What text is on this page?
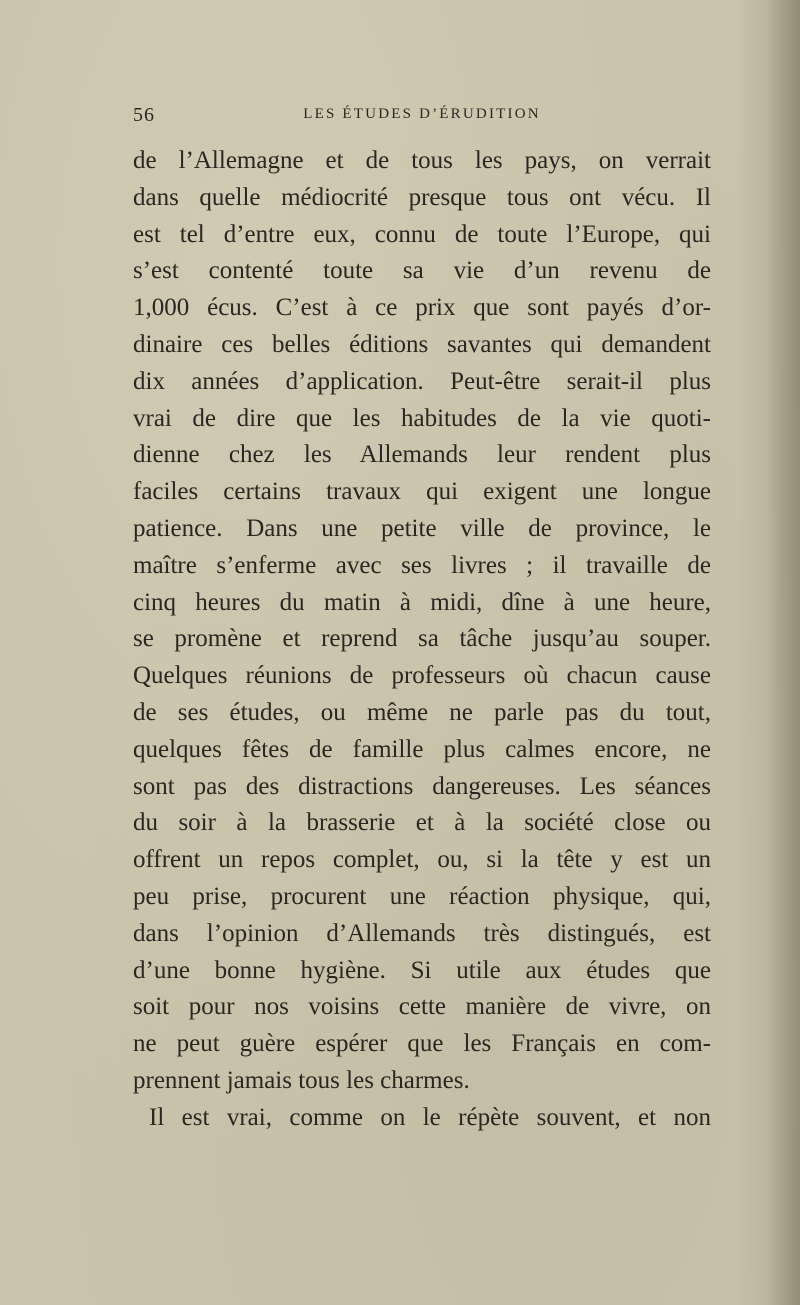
56	LES ÉTUDES D’ÉRUDITION
de l’Allemagne et de tous les pays, on verrait
dans quelle médiocrité presque tous ont vécu. Il
est tel d’entre eux, connu de toute l’Europe, qui
s’est contenté toute sa vie d’un revenu de
1,000 écus. C’est à ce prix que sont payés d’or-
dinaire ces belles éditions savantes qui demandent
dix années d’application. Peut-être serait-il plus
vrai de dire que les habitudes de la vie quoti-
dienne chez les Allemands leur rendent plus
faciles certains travaux qui exigent une longue
patience. Dans une petite ville de province, le
maître s’enferme avec ses livres ; il travaille de
cinq heures du matin à midi, dîne à une heure,
se promène et reprend sa tâche jusqu’au souper.
Quelques réunions de professeurs où chacun cause
de ses études, ou même ne parle pas du tout,
quelques fêtes de famille plus calmes encore, ne
sont pas des distractions dangereuses. Les séances
du soir à la brasserie et à la société close ou
offrent un repos complet, ou, si la tête y est un
peu prise, procurent une réaction physique, qui,
dans l’opinion d’Allemands très distingués, est
d’une bonne hygiène. Si utile aux études que
soit pour nos voisins cette manière de vivre, on
ne peut guère espérer que les Français en com-
prennent jamais tous les charmes.
Il est vrai, comme on le répète souvent, et non
